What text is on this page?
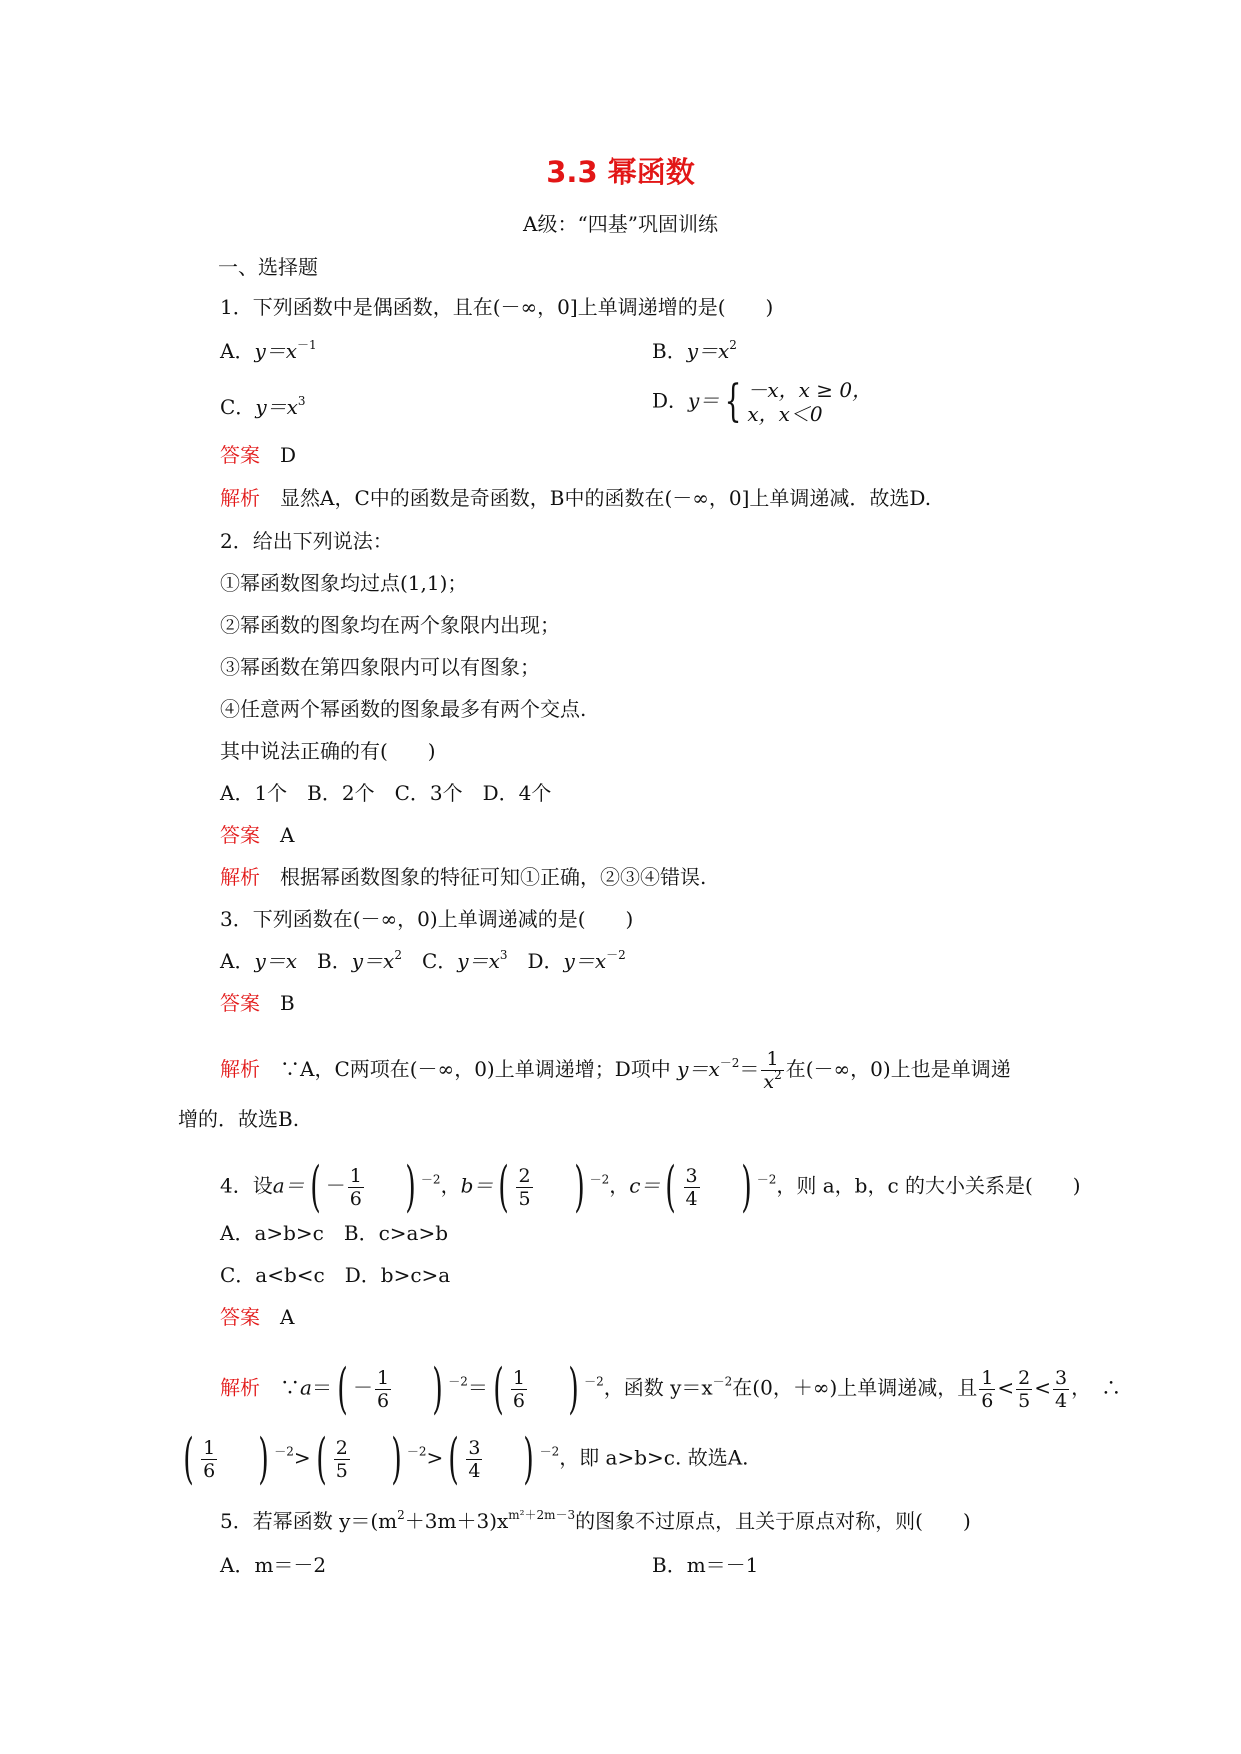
3.3 幂函数
A级：“四基”巩固训练
一、选择题
1．下列函数中是偶函数，且在(－∞，0]上单调递增的是(　　)
A．$y=x^{-1}$	B．$y=x^2$
C．$y=x^3$	D．y＝ { －x，x ≥ 0，
x，x＜0
答案　 D
解析　 显然A，C中的函数是奇函数，B中的函数在(－∞，0]上单调递减．故选D.
2．给出下列说法：
①幂函数图象均过点(1,1)；
②幂函数的图象均在两个象限内出现；
③幂函数在第四象限内可以有图象；
④任意两个幂函数的图象最多有两个交点.
其中说法正确的有(　　)
A．1个　B．2个　C．3个　D．4个
答案　 A
解析　 根据幂函数图象的特征可知①正确，②③④错误.
3．下列函数在(－∞，0)上单调递减的是(　　)
A．y＝x　 B．$y=x^2$　 C．$y=x^3$　 D．$y=x^{-2}$
答案　 B
解析　 ∵A，C两项在(－∞，0)上单调递增；D项中 $y=x^{-2}= \frac{1}{x^2}$ 在(－∞，0)上也是单调递
增的．故选B.
4．设$a=( - \frac{1}{6}$ ) $^{-2}$，$b=( \frac{2}{5}$ ) $^{-2}$，$c=( \frac{3}{4}$ ) $^{-2}$，则 a，b，c 的大小关系是(　　)
A．a>b>c　B．c>a>b
C．a<b<c　D．b>c>a
答案　 A
解析　 ∵a＝( － $\frac{1}{6}$ ) $^{-2}=( \frac{1}{6}$ ) $^{-2}$，函数 $y=x^{-2}$在(0，＋∞)上单调递减，且 $\frac{1}{6} < \frac{2}{5} < \frac{3}{4}$ ，　 ∴
( $\frac{1}{6}$ ) $^{-2}>( \frac{2}{5}$ ) $^{-2}>( \frac{3}{4}$ ) $^{-2}$，即 a>b>c. 故选A.
5．若幂函数 $y=(m^2+3m+3)x^{m^2+2m-3}$的图象不过原点，且关于原点对称，则(　　)
A．m＝－2	B．m＝－1
